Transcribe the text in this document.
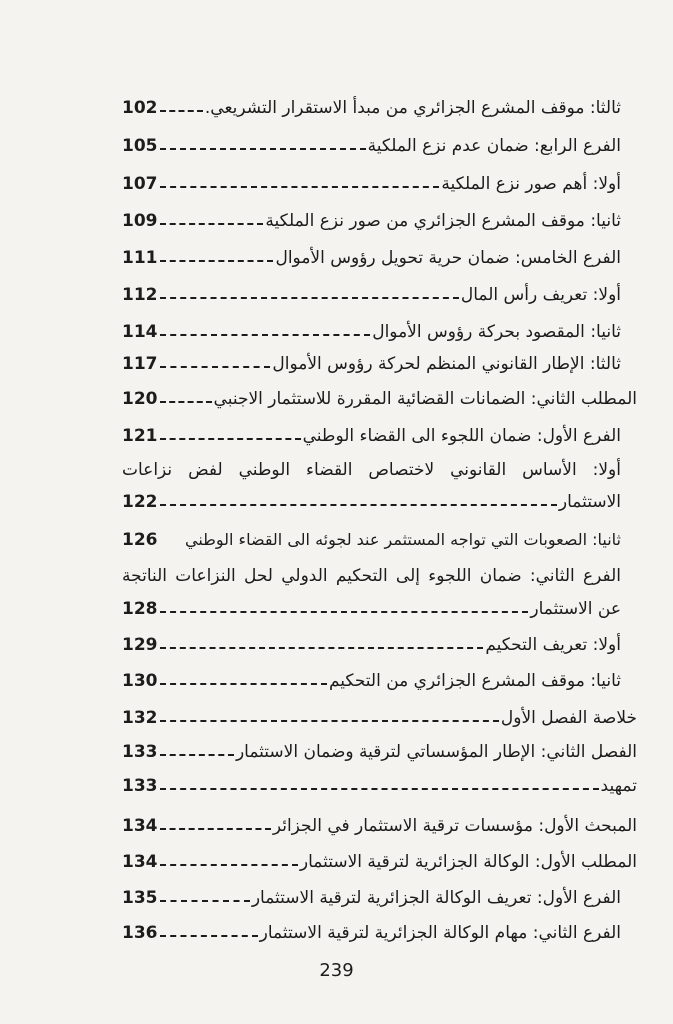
ثالثا: موقف المشرع الجزائري من مبدأ الاستقرار التشريعي.
102
الفرع الرابع: ضمان عدم نزع الملكية
105
أولا: أهم صور نزع الملكية
107
ثانيا: موقف المشرع الجزائري من صور نزع الملكية
109
الفرع الخامس: ضمان حرية تحويل رؤوس الأموال
111
أولا: تعريف رأس المال
112
ثانيا: المقصود بحركة رؤوس الأموال
114
ثالثا: الإطار القانوني المنظم لحركة رؤوس الأموال
117
المطلب الثاني: الضمانات القضائية المقررة للاستثمار الاجنبي
120
الفرع الأول: ضمان اللجوء الى القضاء الوطني
121
أولا: الأساس القانوني لاختصاص القضاء الوطني لفض نزاعات
الاستثمار
122
ثانيا: الصعوبات التي تواجه المستثمر عند لجوئه الى القضاء الوطني
126
الفرع الثاني: ضمان اللجوء إلى التحكيم الدولي لحل النزاعات الناتجة
عن الاستثمار
128
أولا: تعريف التحكيم
129
ثانيا: موقف المشرع الجزائري من التحكيم
130
خلاصة الفصل الأول
132
الفصل الثاني: الإطار المؤسساتي لترقية وضمان الاستثمار
133
تمهيد
133
المبحث الأول: مؤسسات ترقية الاستثمار في الجزائر
134
المطلب الأول: الوكالة الجزائرية لترقية الاستثمار
134
الفرع الأول: تعريف الوكالة الجزائرية لترقية الاستثمار
135
الفرع الثاني: مهام الوكالة الجزائرية لترقية الاستثمار
136
239
